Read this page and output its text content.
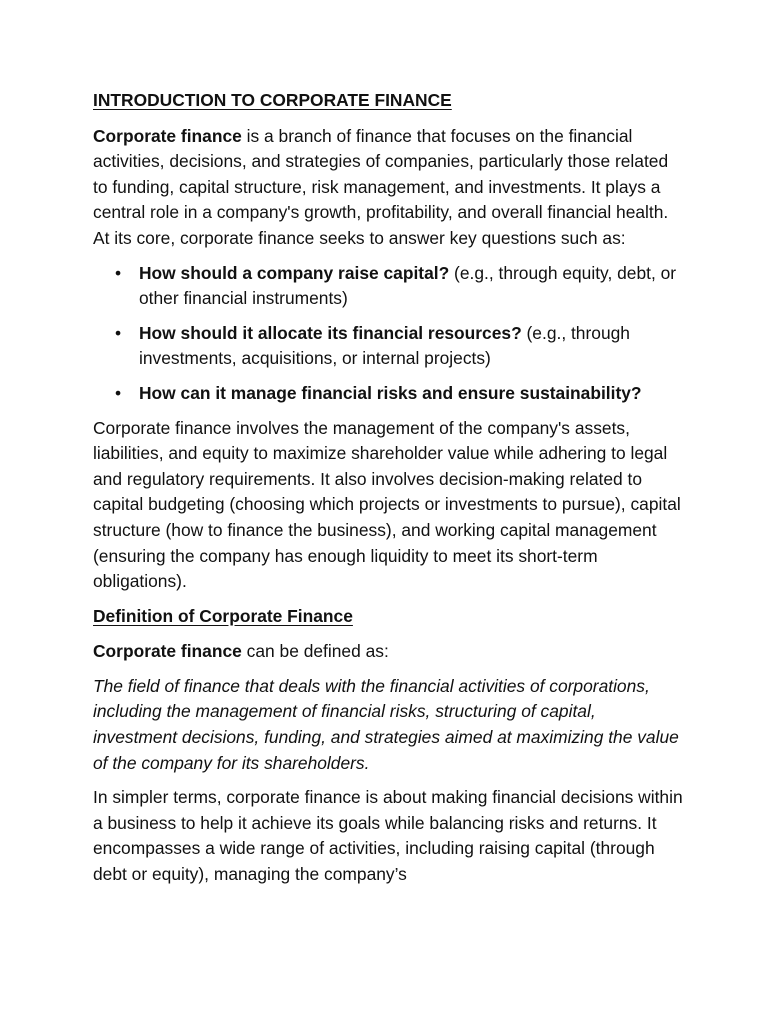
INTRODUCTION TO CORPORATE FINANCE

Corporate finance is a branch of finance that focuses on the financial activities, decisions, and strategies of companies, particularly those related to funding, capital structure, risk management, and investments. It plays a central role in a company's growth, profitability, and overall financial health. At its core, corporate finance seeks to answer key questions such as:

• How should a company raise capital? (e.g., through equity, debt, or other financial instruments)
• How should it allocate its financial resources? (e.g., through investments, acquisitions, or internal projects)
• How can it manage financial risks and ensure sustainability?

Corporate finance involves the management of the company's assets, liabilities, and equity to maximize shareholder value while adhering to legal and regulatory requirements. It also involves decision-making related to capital budgeting (choosing which projects or investments to pursue), capital structure (how to finance the business), and working capital management (ensuring the company has enough liquidity to meet its short-term obligations).

Definition of Corporate Finance

Corporate finance can be defined as:

The field of finance that deals with the financial activities of corporations, including the management of financial risks, structuring of capital, investment decisions, funding, and strategies aimed at maximizing the value of the company for its shareholders.

In simpler terms, corporate finance is about making financial decisions within a business to help it achieve its goals while balancing risks and returns. It encompasses a wide range of activities, including raising capital (through debt or equity), managing the company’s
